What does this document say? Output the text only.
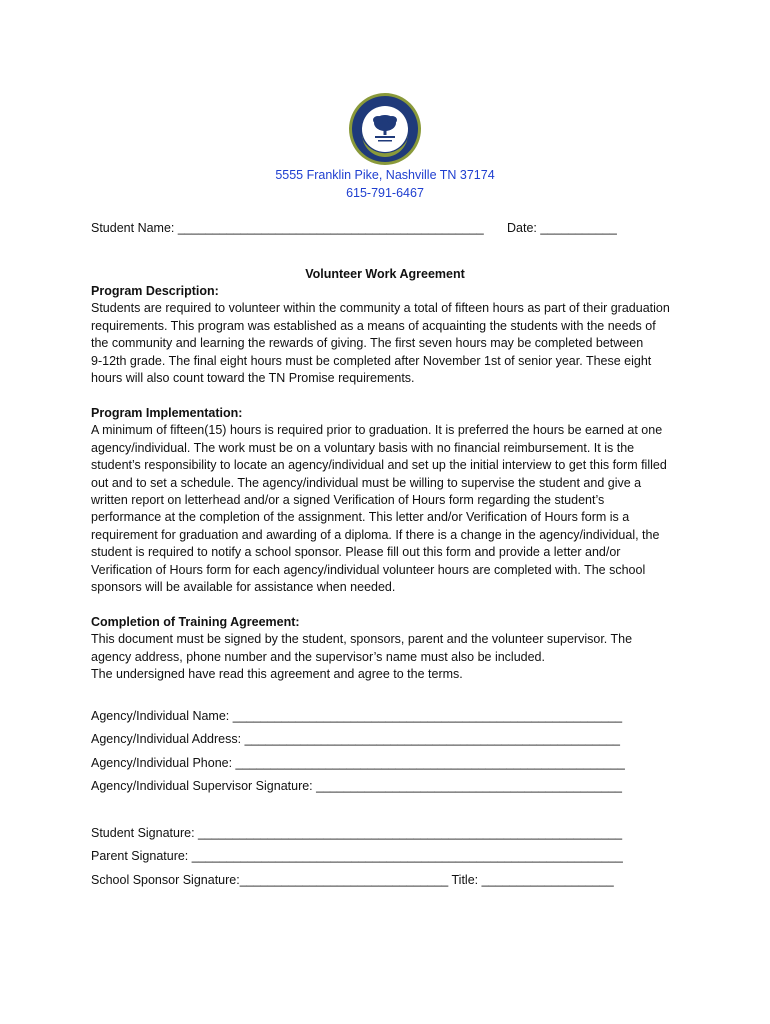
5555 Franklin Pike, Nashville TN 37174
615-791-6467
Student Name: ____________________________________________ Date: ___________
Volunteer Work Agreement
Program Description:
Students are required to volunteer within the community a total of fifteen hours as part of their graduation
requirements. This program was established as a means of acquainting the students with the needs of
the community and learning the rewards of giving. The first seven hours may be completed between
9-12th grade. The final eight hours must be completed after November 1st of senior year. These eight
hours will also count toward the TN Promise requirements.
Program Implementation:
A minimum of fifteen(15) hours is required prior to graduation. It is preferred the hours be earned at one
agency/individual. The work must be on a voluntary basis with no financial reimbursement. It is the
student’s responsibility to locate an agency/individual and set up the initial interview to get this form filled
out and to set a schedule. The agency/individual must be willing to supervise the student and give a
written report on letterhead and/or a signed Verification of Hours form regarding the student’s
performance at the completion of the assignment. This letter and/or Verification of Hours form is a
requirement for graduation and awarding of a diploma. If there is a change in the agency/individual, the
student is required to notify a school sponsor. Please fill out this form and provide a letter and/or
Verification of Hours form for each agency/individual volunteer hours are completed with. The school
sponsors will be available for assistance when needed.
Completion of Training Agreement:
This document must be signed by the student, sponsors, parent and the volunteer supervisor. The
agency address, phone number and the supervisor’s name must also be included.
The undersigned have read this agreement and agree to the terms.
Agency/Individual Name: ________________________________________________________
Agency/Individual Address: ______________________________________________________
Agency/Individual Phone: ________________________________________________________
Agency/Individual Supervisor Signature: ____________________________________________
Student Signature: _____________________________________________________________
Parent Signature: ______________________________________________________________
School Sponsor Signature:______________________________ Title: ___________________
